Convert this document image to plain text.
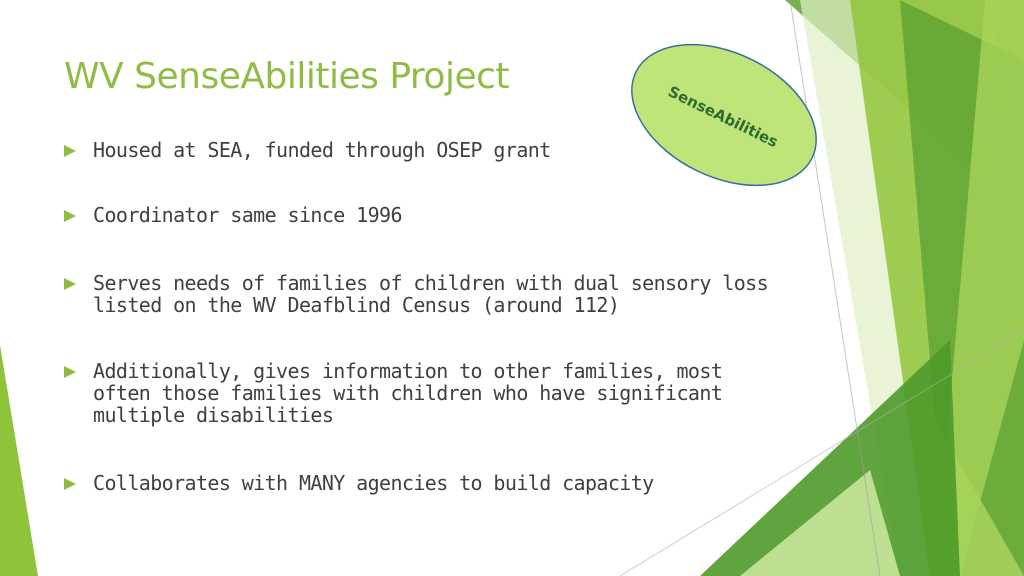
WV SenseAbilities Project
SenseAbilities
Housed at SEA, funded through OSEP grant
Coordinator same since 1996
Serves needs of families of children with dual sensory loss listed on the WV Deafblind Census (around 112)
Additionally, gives information to other families, most often those families with children who have significant multiple disabilities
Collaborates with MANY agencies to build capacity
